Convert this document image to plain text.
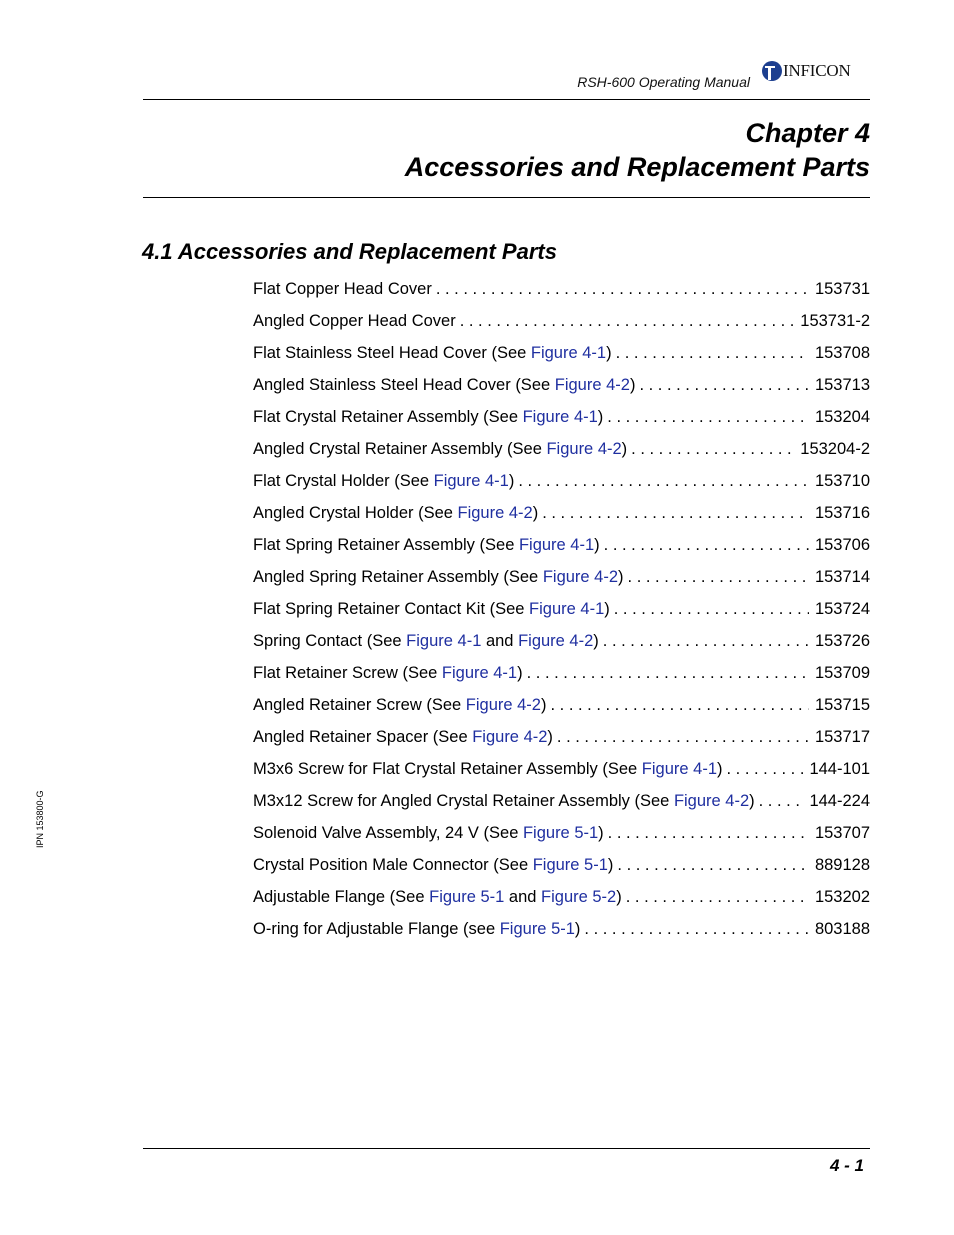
RSH-600 Operating Manual
INFICON
Chapter 4
Accessories and Replacement Parts
4.1 Accessories and Replacement Parts
Flat Copper Head Cover . . .	153731
Angled Copper Head Cover . . .	153731-2
Flat Stainless Steel Head Cover (See Figure 4-1) . . .	153708
Angled Stainless Steel Head Cover (See Figure 4-2) . . .	153713
Flat Crystal Retainer Assembly (See Figure 4-1) . . .	153204
Angled Crystal Retainer Assembly (See Figure 4-2) . . .	153204-2
Flat Crystal Holder (See Figure 4-1) . . .	153710
Angled Crystal Holder (See Figure 4-2) . . .	153716
Flat Spring Retainer Assembly (See Figure 4-1) . . .	153706
Angled Spring Retainer Assembly (See Figure 4-2) . . .	153714
Flat Spring Retainer Contact Kit (See Figure 4-1) . . .	153724
Spring Contact (See Figure 4-1 and Figure 4-2) . . .	153726
Flat Retainer Screw (See Figure 4-1) . . .	153709
Angled Retainer Screw (See Figure 4-2) . . .	153715
Angled Retainer Spacer (See Figure 4-2) . . .	153717
M3x6 Screw for Flat Crystal Retainer Assembly (See Figure 4-1) . . .	144-101
M3x12 Screw for Angled Crystal Retainer Assembly (See Figure 4-2) . . .	144-224
Solenoid Valve Assembly, 24 V (See Figure 5-1) . . .	153707
Crystal Position Male Connector (See Figure 5-1) . . .	889128
Adjustable Flange (See Figure 5-1 and Figure 5-2) . . .	153202
O-ring for Adjustable Flange (see Figure 5-1) . . .	803188
IPN 153800-G
4 - 1
